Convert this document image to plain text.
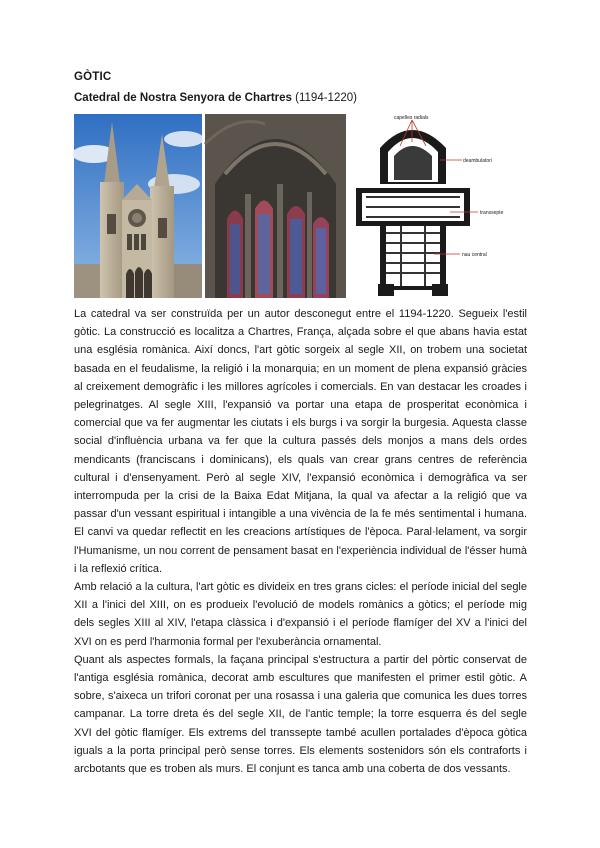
GÒTIC
Catedral de Nostra Senyora de Chartres (1194-1220)
capelles radials
deambulatori
transsepte
nau central

La catedral va ser construïda per un autor desconegut entre el 1194-1220. Segueix l'estil gòtic. La construcció es localitza a Chartres, França, alçada sobre el que abans havia estat una església romànica. Així doncs, l'art gòtic sorgeix al segle XII, on trobem una societat basada en el feudalisme, la religió i la monarquia; en un moment de plena expansió gràcies al creixement demogràfic i les millores agrícoles i comercials. En van destacar les croades i pelegrinatges. Al segle XIII, l'expansió va portar una etapa de prosperitat econòmica i comercial que va fer augmentar les ciutats i els burgs i va sorgir la burgesia. Aquesta classe social d'influència urbana va fer que la cultura passés dels monjos a mans dels ordes mendicants (franciscans i dominicans), els quals van crear grans centres de referència cultural i d'ensenyament. Però al segle XIV, l'expansió econòmica i demogràfica va ser interrompuda per la crisi de la Baixa Edat Mitjana, la qual va afectar a la religió que va passar d'un vessant espiritual i intangible a una vivència de la fe més sentimental i humana. El canvi va quedar reflectit en les creacions artístiques de l'època. Paral·lelament, va sorgir l'Humanisme, un nou corrent de pensament basat en l'experiència individual de l'ésser humà i la reflexió crítica.

Amb relació a la cultura, l'art gòtic es divideix en tres grans cicles: el període inicial del segle XII a l'inici del XIII, on es produeix l'evolució de models romànics a gòtics; el període mig dels segles XIII al XIV, l'etapa clàssica i d'expansió i el període flamíger del XV a l'inici del XVI on es perd l'harmonia formal per l'exuberància ornamental.

Quant als aspectes formals, la façana principal s'estructura a partir del pòrtic conservat de l'antiga església romànica, decorat amb escultures que manifesten el primer estil gòtic. A sobre, s'aixeca un trifori coronat per una rosassa i una galeria que comunica les dues torres campanar. La torre dreta és del segle XII, de l'antic temple; la torre esquerra és del segle XVI del gòtic flamíger. Els extrems del transsepte també acullen portalades d'època gòtica iguals a la porta principal però sense torres. Els elements sostenidors són els contraforts i arcbotants que es troben als murs. El conjunt es tanca amb una coberta de dos vessants.
